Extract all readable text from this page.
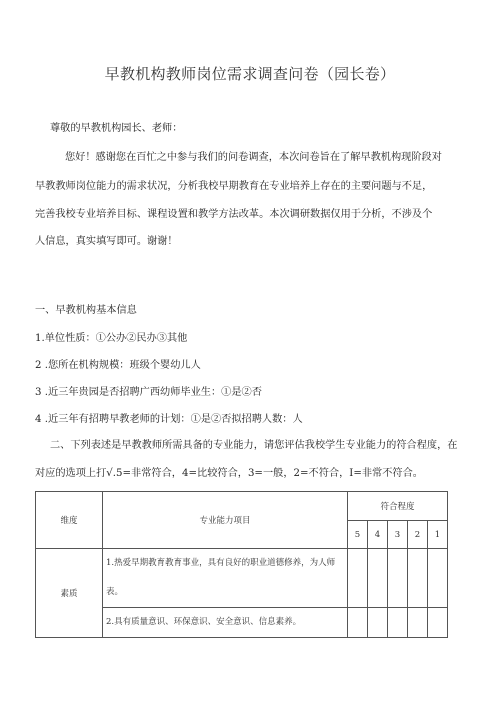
早教机构教师岗位需求调查问卷（园长卷）
尊敬的早教机构园长、老师：
您好！感谢您在百忙之中参与我们的问卷调查，本次问卷旨在了解早教机构现阶段对
早教教师岗位能力的需求状况，分析我校早期教育在专业培养上存在的主要问题与不足，
完善我校专业培养目标、课程设置和教学方法改革。本次调研数据仅用于分析，不涉及个
人信息，真实填写即可。谢谢！
一、早教机构基本信息
1.单位性质：①公办②民办③其他
2 .您所在机构规模：班级个婴幼儿人
3 .近三年贵园是否招聘广西幼师毕业生：①是②否
4 .近三年有招聘早教老师的计划：①是②否拟招聘人数：人
二、下列表述是早教教师所需具备的专业能力，请您评估我校学生专业能力的符合程度，在
对应的选项上打√.5=非常符合，4=比较符合，3=一般，2=不符合，I=非常不符合。
维度	专业能力项目	符合程度				
		5	4	3	2	1
素质	1.热爱早期教育教育事业，具有良好的职业道德修养，为人师
表。					
	2.具有质量意识、环保意识、安全意识、信息素养。					
